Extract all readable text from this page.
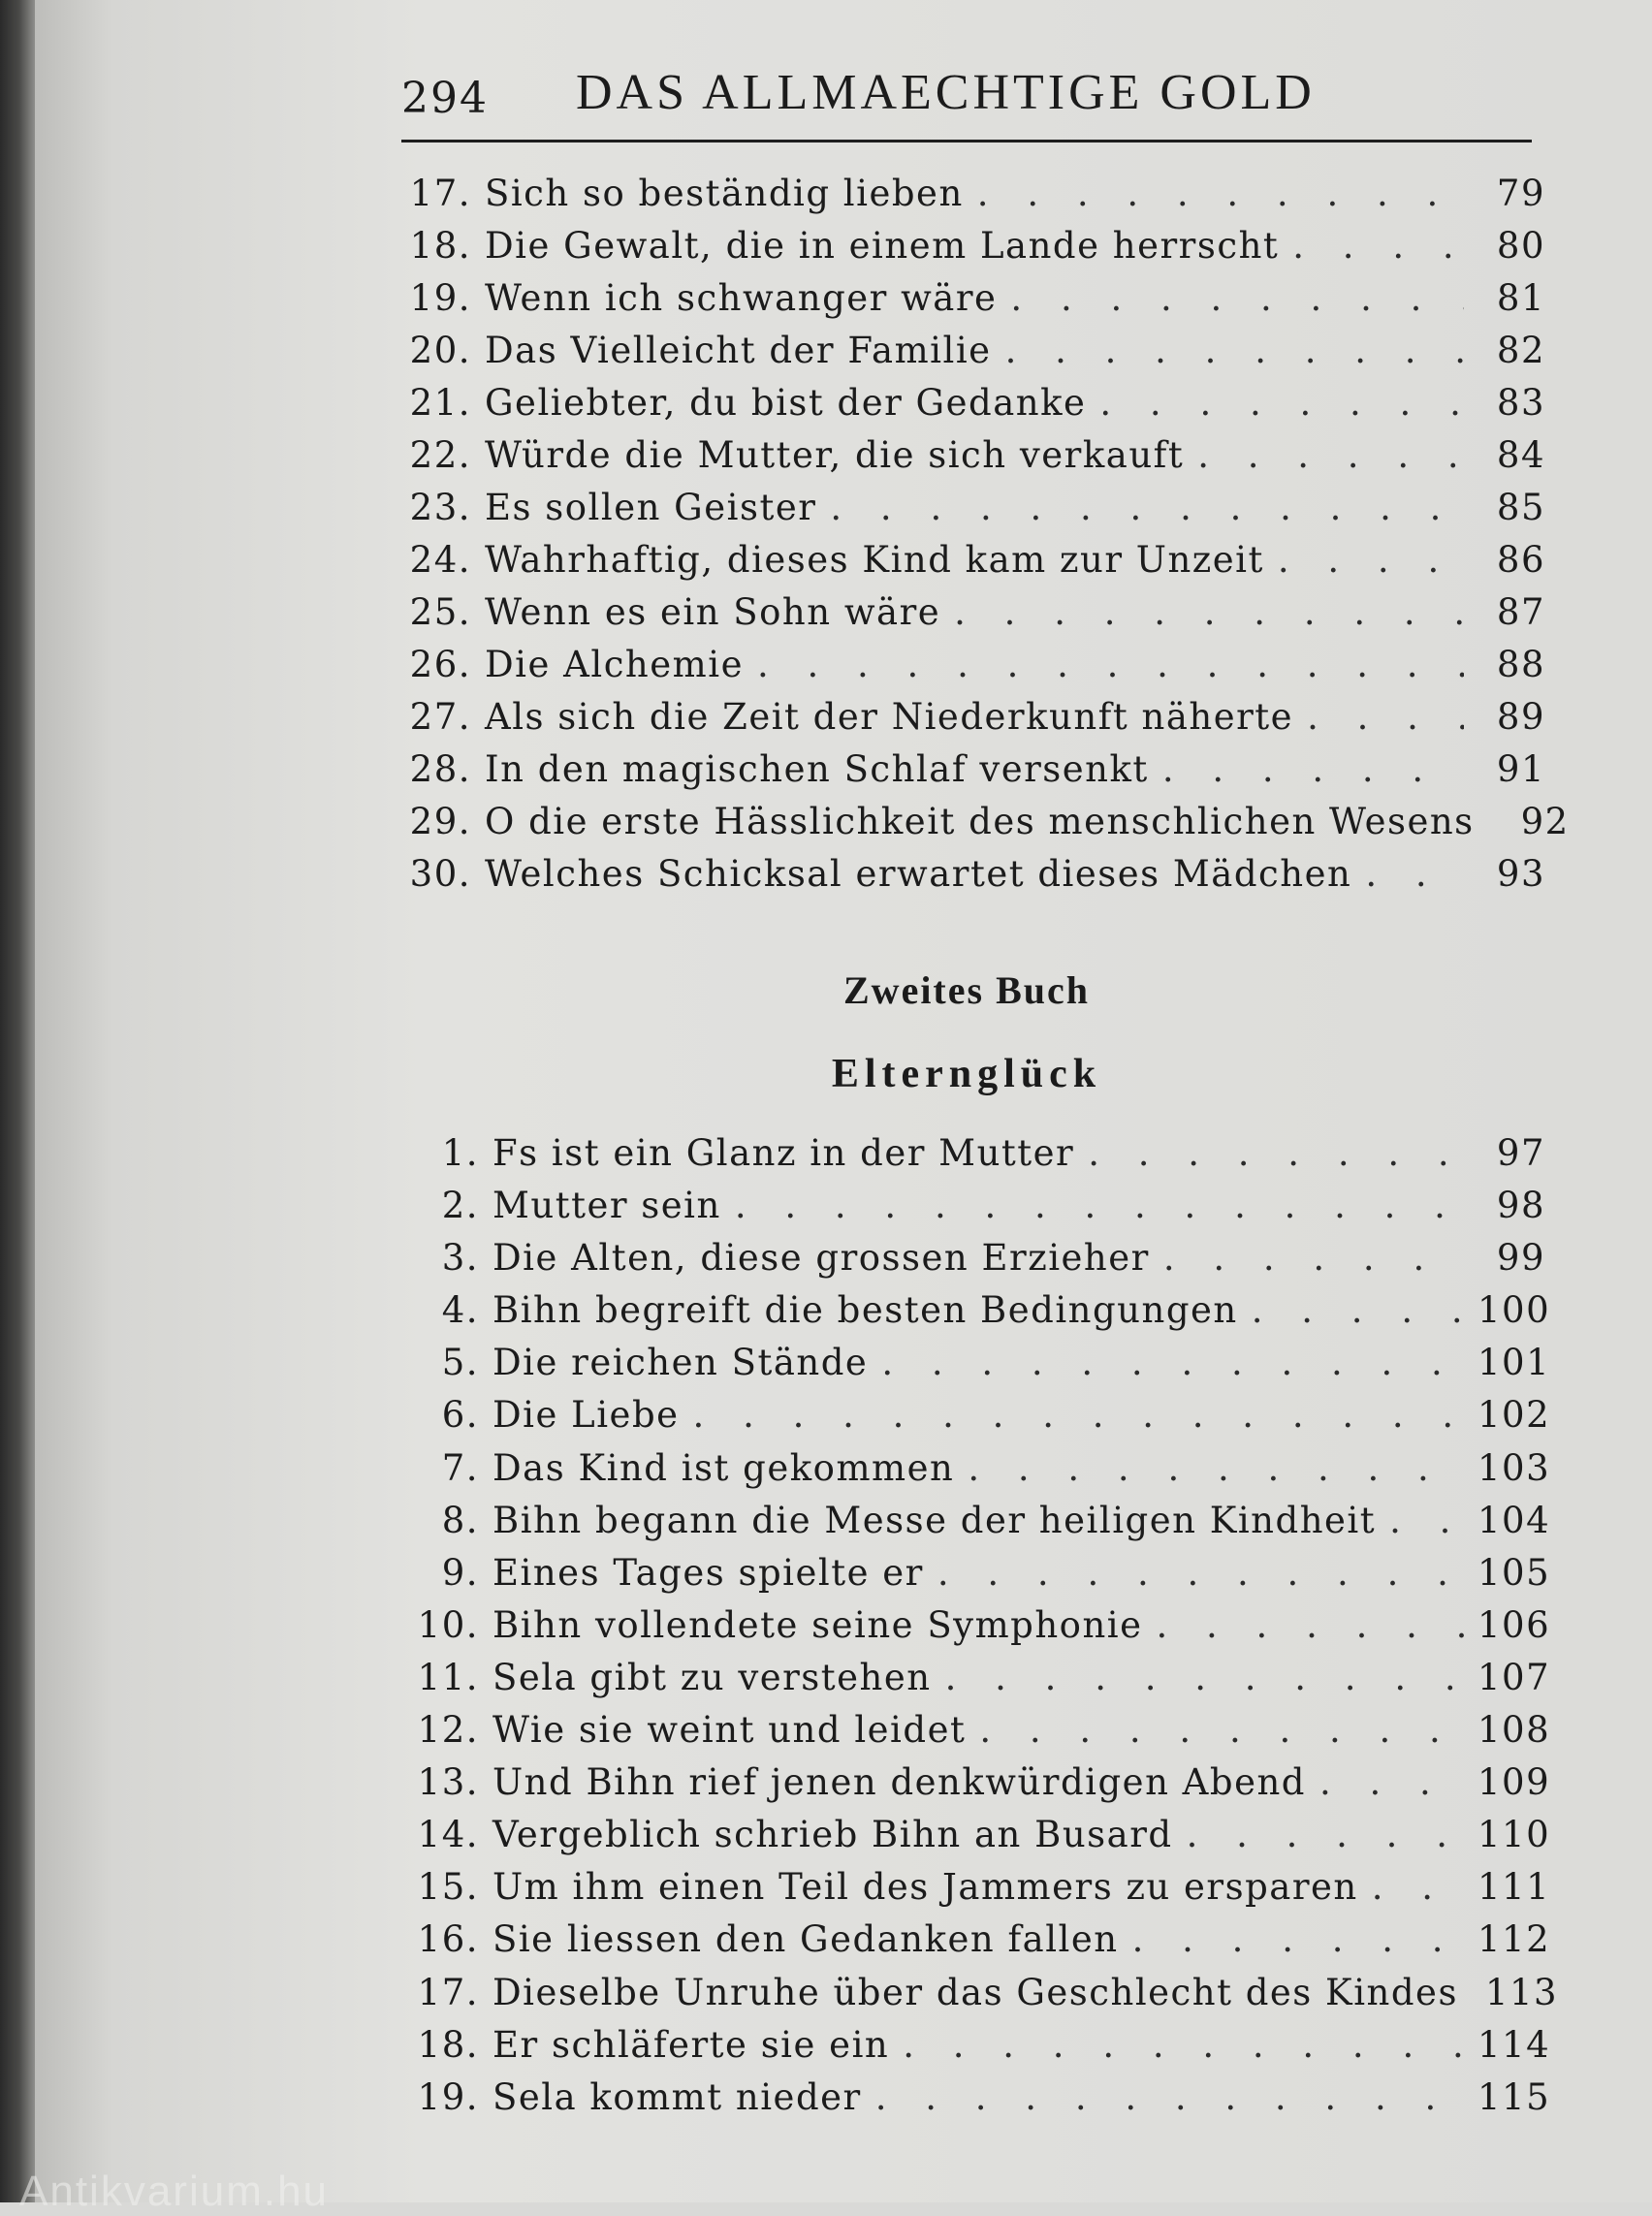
294 DAS ALLMAECHTIGE GOLD
17. Sich so beständig lieben . . .	79
18. Die Gewalt, die in einem Lande herrscht . . .	80
19. Wenn ich schwanger wäre . . .	81
20. Das Vielleicht der Familie . . .	82
21. Geliebter, du bist der Gedanke . . .	83
22. Würde die Mutter, die sich verkauft . . .	84
23. Es sollen Geister . . .	85
24. Wahrhaftig, dieses Kind kam zur Unzeit . . .	86
25. Wenn es ein Sohn wäre . . .	87
26. Die Alchemie . . .	88
27. Als sich die Zeit der Niederkunft näherte . . .	89
28. In den magischen Schlaf versenkt . . .	91
29. O die erste Hässlichkeit des menschlichen Wesens	92
30. Welches Schicksal erwartet dieses Mädchen . . .	93
Zweites Buch
Elternglück
1. Fs ist ein Glanz in der Mutter . . .	97
2. Mutter sein . . .	98
3. Die Alten, diese grossen Erzieher . . .	99
4. Bihn begreift die besten Bedingungen . . .	100
5. Die reichen Stände . . .	101
6. Die Liebe . . .	102
7. Das Kind ist gekommen . . .	103
8. Bihn begann die Messe der heiligen Kindheit . . .	104
9. Eines Tages spielte er . . .	105
10. Bihn vollendete seine Symphonie . . .	106
11. Sela gibt zu verstehen . . .	107
12. Wie sie weint und leidet . . .	108
13. Und Bihn rief jenen denkwürdigen Abend . . .	109
14. Vergeblich schrieb Bihn an Busard . . .	110
15. Um ihm einen Teil des Jammers zu ersparen . . .	111
16. Sie liessen den Gedanken fallen . . .	112
17. Dieselbe Unruhe über das Geschlecht des Kindes 113
18. Er schläferte sie ein . . .	114
19. Sela kommt nieder . . .	115
Antikvarium.hu
